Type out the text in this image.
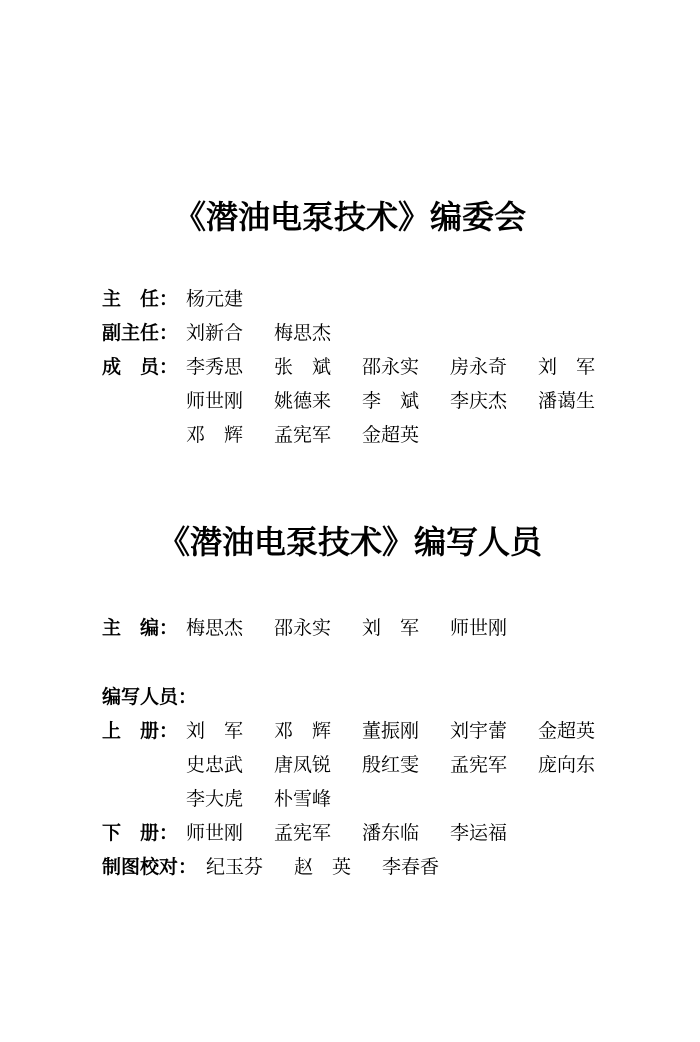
《潜油电泵技术》编委会
主　任： 杨元建
副主任： 刘新合	梅思杰
成　员： 李秀思	张　斌	邵永实	房永奇	刘　军
师世刚	姚德来	李　斌	李庆杰	潘蔼生
邓　辉	孟宪军	金超英
《潜油电泵技术》编写人员
主　编： 梅思杰	邵永实	刘　军	师世刚
编写人员：
上　册： 刘　军	邓　辉	董振刚	刘宇蕾	金超英
史忠武	唐凤锐	殷红雯	孟宪军	庞向东
李大虎	朴雪峰
下　册： 师世刚	孟宪军	潘东临	李运福
制图校对： 纪玉芬	赵　英	李春香
